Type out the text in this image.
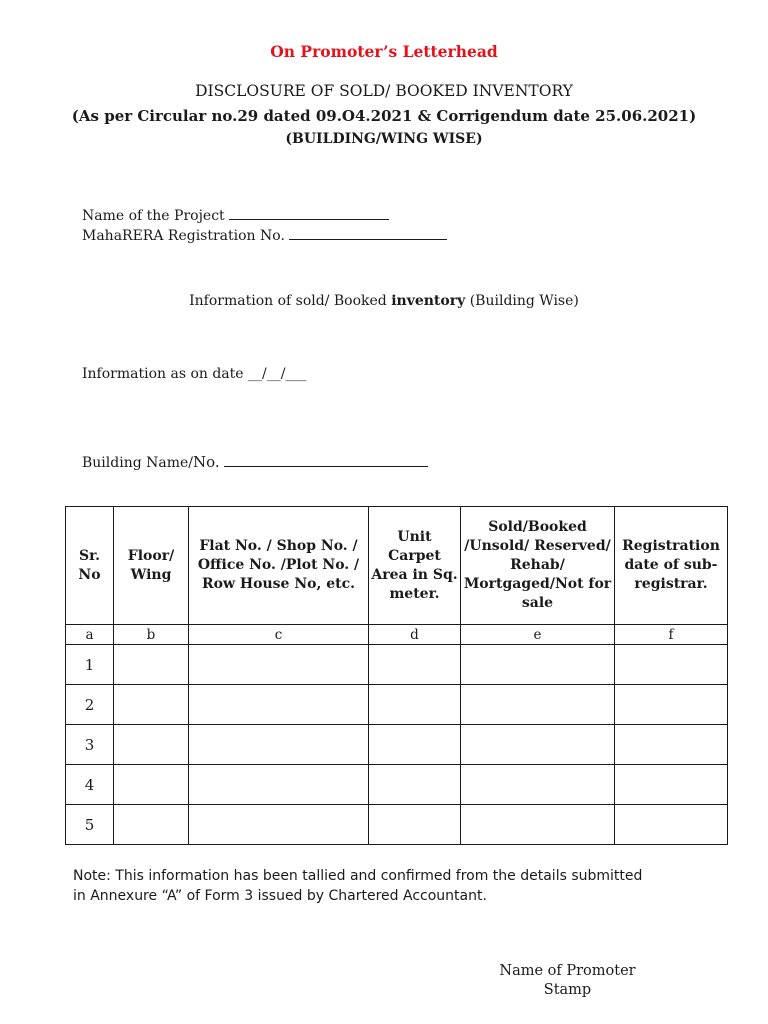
On Promoter’s Letterhead
DISCLOSURE OF SOLD/ BOOKED INVENTORY
(As per Circular no.29 dated 09.O4.2021 & Corrigendum date 25.06.2021)
(BUILDING/WING WISE)
Name of the Project
MahaRERA Registration No.
Information of sold/ Booked inventory (Building Wise)
Information as on date __/__/___
Building Name/No.
Sr. No	Floor/ Wing	Flat No. / Shop No. / Office No. /Plot No. / Row House No, etc.	Unit Carpet Area in Sq. meter.	Sold/Booked /Unsold/ Reserved/ Rehab/ Mortgaged/Not for sale	Registration date of sub-registrar.
a	b	c	d	e	f
1					
2					
3					
4					
5					
Note: This information has been tallied and confirmed from the details submitted
in Annexure “A” of Form 3 issued by Chartered Accountant.
Name of Promoter
Stamp
